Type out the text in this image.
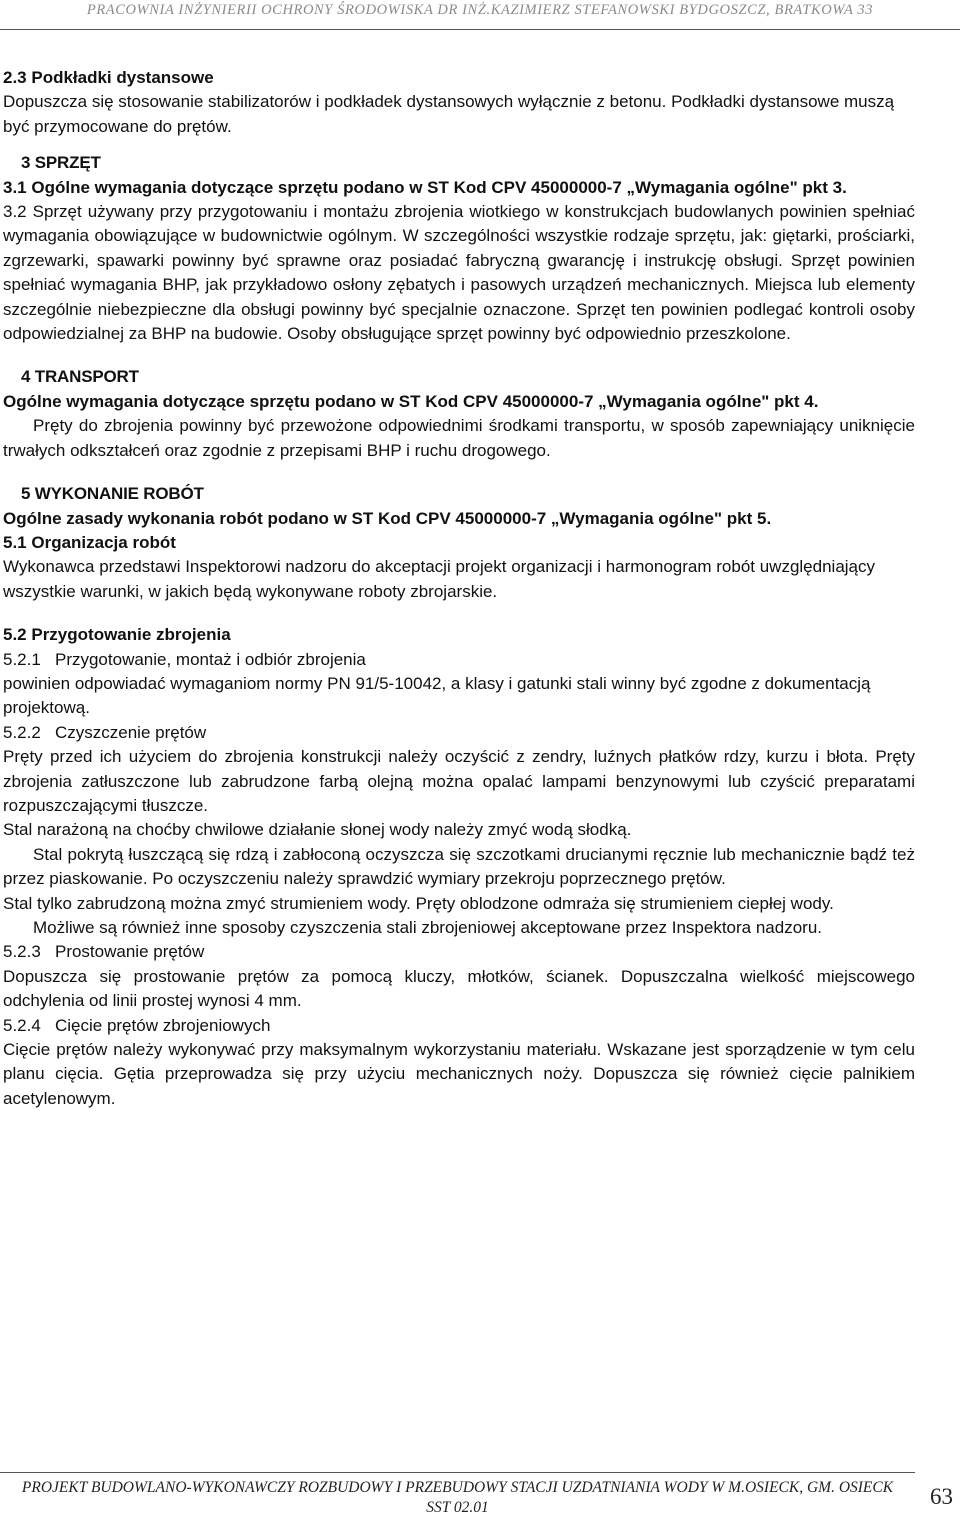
PRACOWNIA INŻYNIERII OCHRONY ŚRODOWISKA DR INŻ.KAZIMIERZ STEFANOWSKI BYDGOSZCZ, BRATKOWA 33

2.3 Podkładki dystansowe

Dopuszcza się stosowanie stabilizatorów i podkładek dystansowych wyłącznie z betonu. Podkładki dystansowe muszą być przymocowane do prętów.

3 SPRZĘT

3.1 Ogólne wymagania dotyczące sprzętu podano w ST Kod CPV 45000000-7 „Wymagania ogólne" pkt 3.

3.2 Sprzęt używany przy przygotowaniu i montażu zbrojenia wiotkiego w konstrukcjach budowlanych powinien spełniać wymagania obowiązujące w budownictwie ogólnym. W szczególności wszystkie rodzaje sprzętu, jak: giętarki, prościarki, zgrzewarki, spawarki powinny być sprawne oraz posiadać fabryczną gwarancję i instrukcję obsługi. Sprzęt powinien spełniać wymagania BHP, jak przykładowo osłony zębatych i pasowych urządzeń mechanicznych. Miejsca lub elementy szczególnie niebezpieczne dla obsługi powinny być specjalnie oznaczone. Sprzęt ten powinien podlegać kontroli osoby odpowiedzialnej za BHP na budowie. Osoby obsługujące sprzęt powinny być odpowiednio przeszkolone.

4 TRANSPORT

Ogólne wymagania dotyczące sprzętu podano w ST Kod CPV 45000000-7 „Wymagania ogólne" pkt 4.

Pręty do zbrojenia powinny być przewożone odpowiednimi środkami transportu, w sposób zapewniający uniknięcie trwałych odkształceń oraz zgodnie z przepisami BHP i ruchu drogowego.

5 WYKONANIE ROBÓT

Ogólne zasady wykonania robót podano w ST Kod CPV 45000000-7 „Wymagania ogólne" pkt 5.

5.1 Organizacja robót

Wykonawca przedstawi Inspektorowi nadzoru do akceptacji projekt organizacji i harmonogram robót uwzględniający wszystkie warunki, w jakich będą wykonywane roboty zbrojarskie.

5.2 Przygotowanie zbrojenia

5.2.1   Przygotowanie, montaż i odbiór zbrojenia

powinien odpowiadać wymaganiom normy PN 91/5-10042, a klasy i gatunki stali winny być zgodne z dokumentacją projektową.

5.2.2   Czyszczenie prętów

Pręty przed ich użyciem do zbrojenia konstrukcji należy oczyścić z zendry, luźnych płatków rdzy, kurzu i błota. Pręty zbrojenia zatłuszczone lub zabrudzone farbą olejną można opalać lampami benzynowymi lub czyścić preparatami rozpuszczającymi tłuszcze.

Stal narażoną na choćby chwilowe działanie słonej wody należy zmyć wodą słodką.

Stal pokrytą łuszczącą się rdzą i zabłoconą oczyszcza się szczotkami drucianymi ręcznie lub mechanicznie bądź też przez piaskowanie. Po oczyszczeniu należy sprawdzić wymiary przekroju poprzecznego prętów.

Stal tylko zabrudzoną można zmyć strumieniem wody. Pręty oblodzone odmraża się strumieniem ciepłej wody.

Możliwe są również inne sposoby czyszczenia stali zbrojeniowej akceptowane przez Inspektora nadzoru.

5.2.3   Prostowanie prętów

Dopuszcza się prostowanie prętów za pomocą kluczy, młotków, ścianek. Dopuszczalna wielkość miejscowego odchylenia od linii prostej wynosi 4 mm.

5.2.4   Cięcie prętów zbrojeniowych

Cięcie prętów należy wykonywać przy maksymalnym wykorzystaniu materiału. Wskazane jest sporządzenie w tym celu planu cięcia. Gętia przeprowadza się przy użyciu mechanicznych noży. Dopuszcza się również cięcie palnikiem acetylenowym.

PROJEKT BUDOWLANO-WYKONAWCZY ROZBUDOWY I PRZEBUDOWY STACJI UZDATNIANIA WODY W M.OSIECK, GM. OSIECK
SST 02.01	63
